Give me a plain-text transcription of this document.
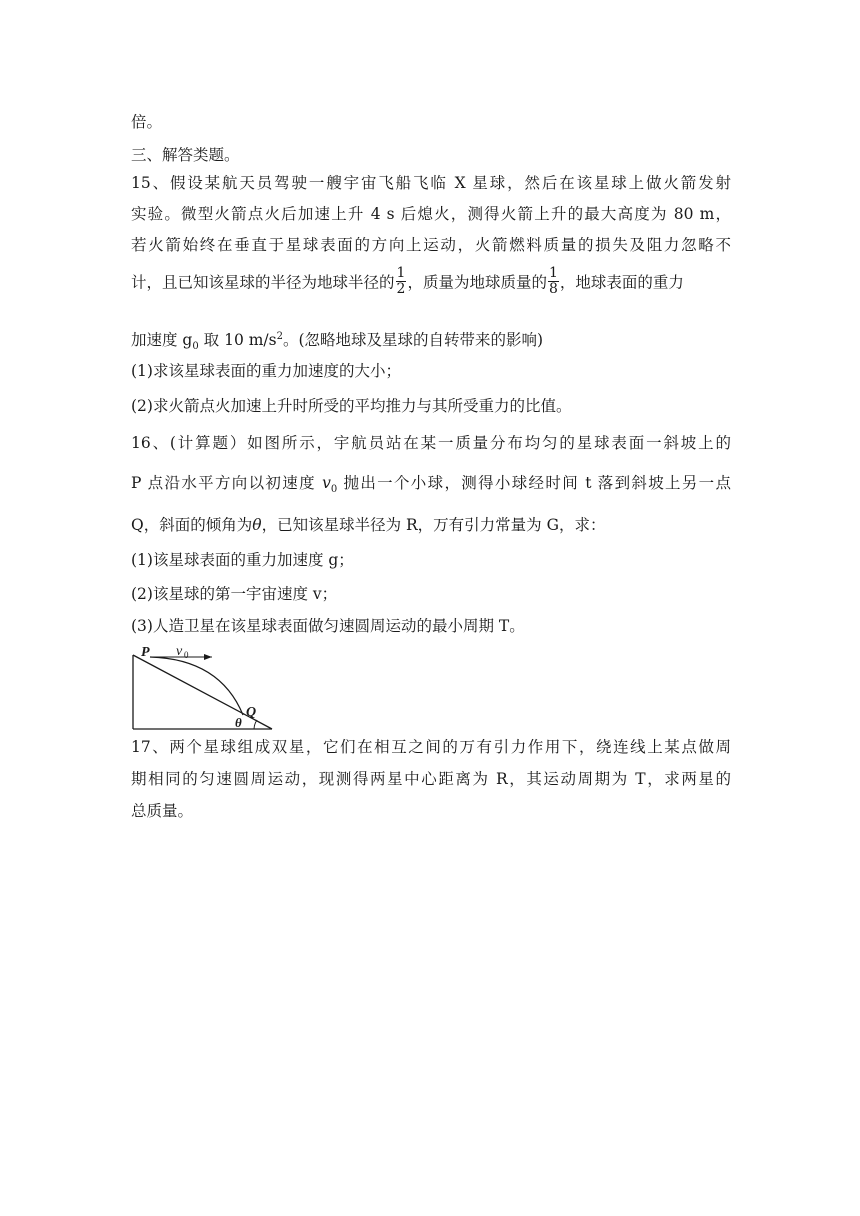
倍。
三、解答类题。
15、假设某航天员驾驶一艘宇宙飞船飞临 X 星球，然后在该星球上做火箭发射
实验。微型火箭点火后加速上升 4 s 后熄火，测得火箭上升的最大高度为 80 m，
若火箭始终在垂直于星球表面的方向上运动，火箭燃料质量的损失及阻力忽略不
计，且已知该星球的半径为地球半径的 $\frac{1}{2}$ ，质量为地球质量的 $\frac{1}{8}$ ，地球表面的重力
加速度 $g_0$ 取 10 $m/s^2$。(忽略地球及星球的自转带来的影响)
(1)求该星球表面的重力加速度的大小；
(2)求火箭点火加速上升时所受的平均推力与其所受重力的比值。
16、(计算题）如图所示，宇航员站在某一质量分布均匀的星球表面一斜坡上的
P 点沿水平方向以初速度 $v_0$ 抛出一个小球，测得小球经时间 t 落到斜坡上另一点
Q，斜面的倾角为θ，已知该星球半径为 R，万有引力常量为 G，求：
(1)该星球表面的重力加速度 g；
(2)该星球的第一宇宙速度 v；
(3)人造卫星在该星球表面做匀速圆周运动的最小周期 T。
P v 0
Q
θ
17、两个星球组成双星，它们在相互之间的万有引力作用下，绕连线上某点做周
期相同的匀速圆周运动，现测得两星中心距离为 R，其运动周期为 T，求两星的
总质量。
